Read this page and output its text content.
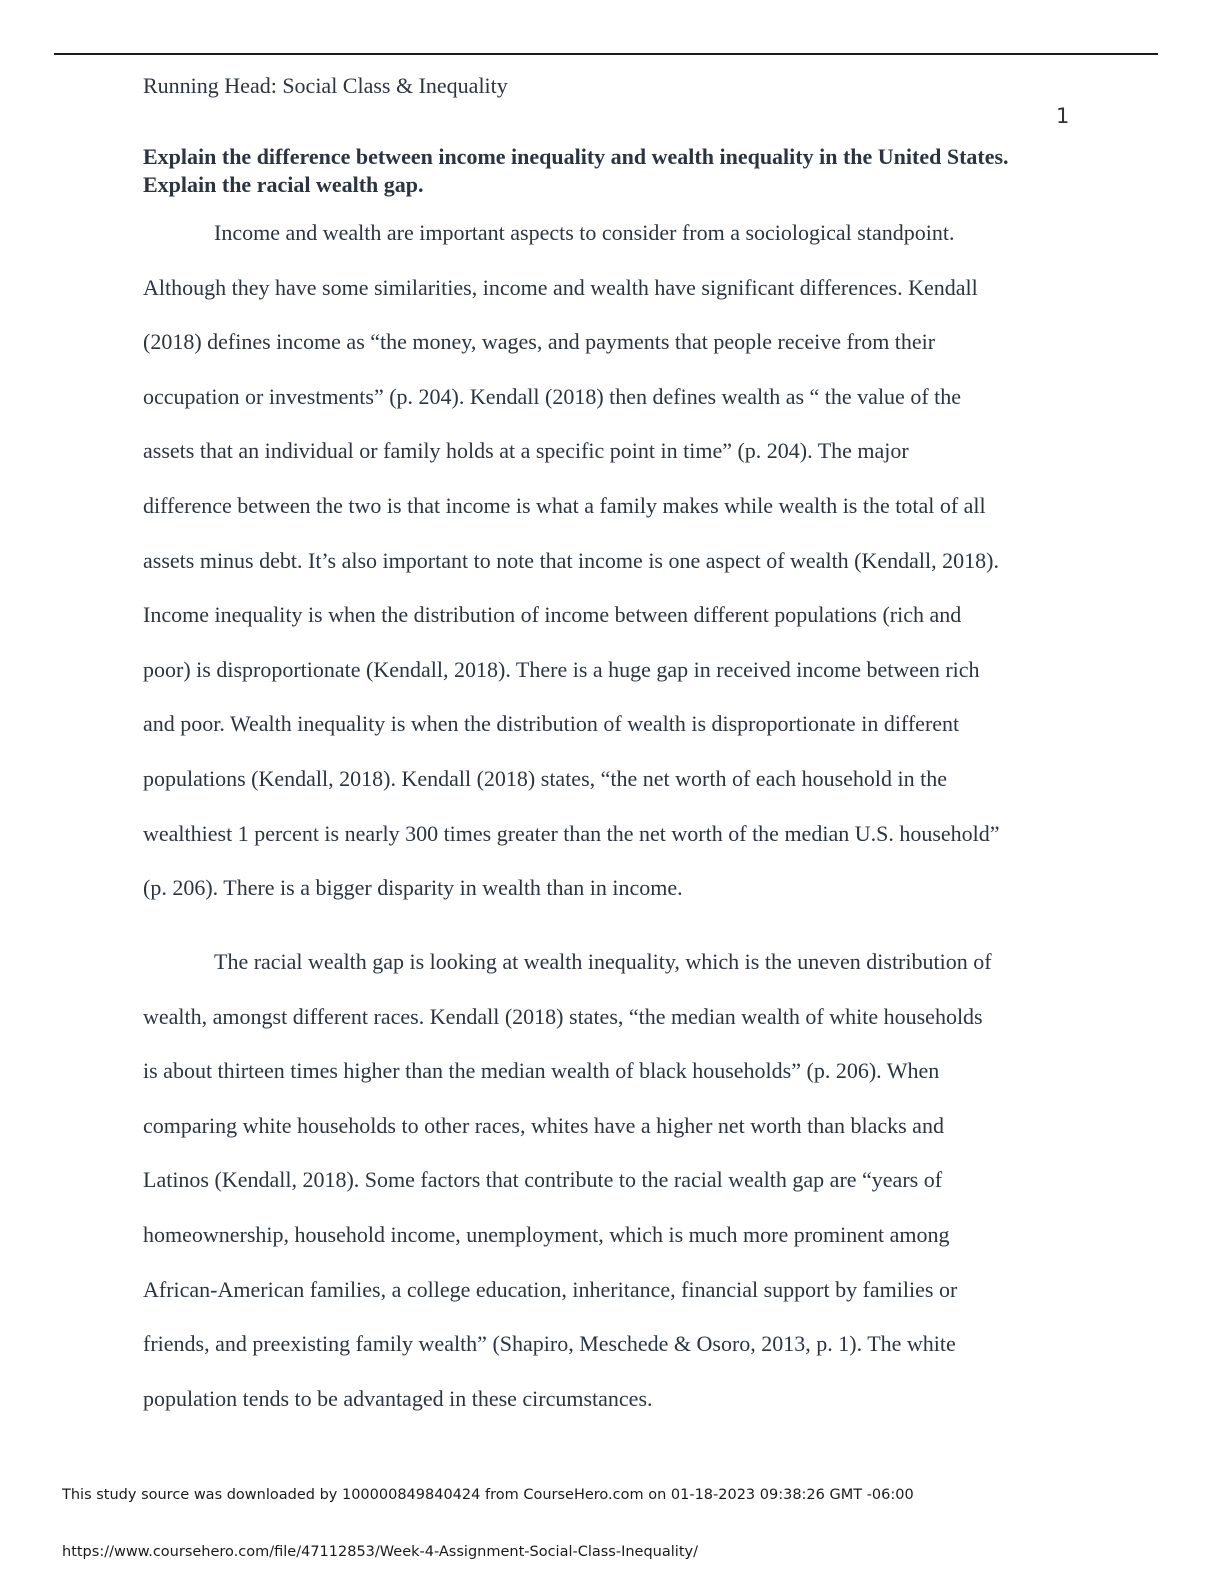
Running Head: Social Class & Inequality
1
Explain the difference between income inequality and wealth inequality in the United States. Explain the racial wealth gap.

Income and wealth are important aspects to consider from a sociological standpoint.
Although they have some similarities, income and wealth have significant differences. Kendall
(2018) defines income as “the money, wages, and payments that people receive from their
occupation or investments” (p. 204). Kendall (2018) then defines wealth as “ the value of the
assets that an individual or family holds at a specific point in time” (p. 204). The major
difference between the two is that income is what a family makes while wealth is the total of all
assets minus debt. It’s also important to note that income is one aspect of wealth (Kendall, 2018).
Income inequality is when the distribution of income between different populations (rich and
poor) is disproportionate (Kendall, 2018). There is a huge gap in received income between rich
and poor. Wealth inequality is when the distribution of wealth is disproportionate in different
populations (Kendall, 2018). Kendall (2018) states, “the net worth of each household in the
wealthiest 1 percent is nearly 300 times greater than the net worth of the median U.S. household”
(p. 206). There is a bigger disparity in wealth than in income.

The racial wealth gap is looking at wealth inequality, which is the uneven distribution of
wealth, amongst different races. Kendall (2018) states, “the median wealth of white households
is about thirteen times higher than the median wealth of black households” (p. 206). When
comparing white households to other races, whites have a higher net worth than blacks and
Latinos (Kendall, 2018). Some factors that contribute to the racial wealth gap are “years of
homeownership, household income, unemployment, which is much more prominent among
African-American families, a college education, inheritance, financial support by families or
friends, and preexisting family wealth” (Shapiro, Meschede & Osoro, 2013, p. 1). The white
population tends to be advantaged in these circumstances.

This study source was downloaded by 100000849840424 from CourseHero.com on 01-18-2023 09:38:26 GMT -06:00
https://www.coursehero.com/file/47112853/Week-4-Assignment-Social-Class-Inequality/
